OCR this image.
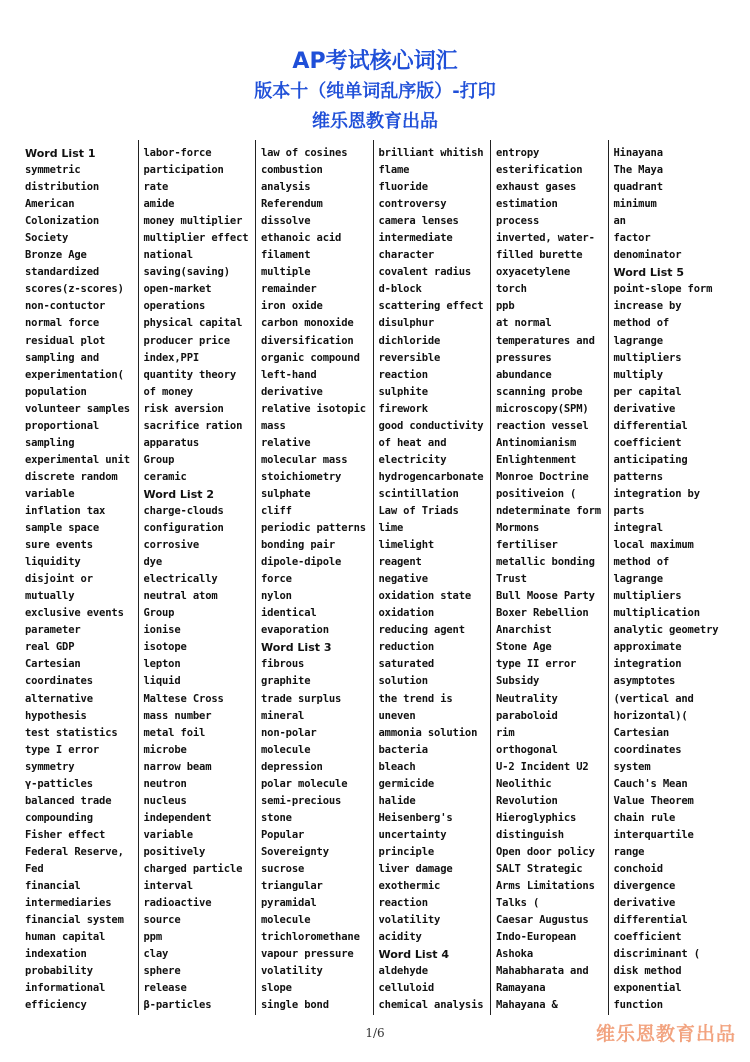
AP考试核心词汇
版本十（纯单词乱序版）-打印
维乐恩教育出品
Word List 1
symmetric
distribution
American
Colonization
Society
Bronze Age
standardized
scores(z-scores)
non-contuctor
normal force
residual plot
sampling and
experimentation(
population
volunteer samples
proportional
sampling
experimental unit
discrete random
variable
inflation tax
sample space
sure events
liquidity
disjoint or
mutually
exclusive events
parameter
real GDP
Cartesian
coordinates
alternative
hypothesis
test statistics
type I error
symmetry
γ-patticles
balanced trade
compounding
Fisher effect
Federal Reserve,
Fed
financial
intermediaries
financial system
human capital
indexation
probability
informational
efficiency
labor-force
participation
rate
amide
money multiplier
multiplier effect
national
saving(saving)
open-market
operations
physical capital
producer price
index,PPI
quantity theory
of money
risk aversion
sacrifice ration
apparatus
Group
ceramic
Word List 2
charge-clouds
configuration
corrosive
dye
electrically
neutral atom
Group
ionise
isotope
lepton
liquid
Maltese Cross
mass number
metal foil
microbe
narrow beam
neutron
nucleus
independent
variable
positively
charged particle
interval
radioactive
source
ppm
clay
sphere
release
β-particles
law of cosines
combustion
analysis
Referendum
dissolve
ethanoic acid
filament
multiple
remainder
iron oxide
carbon monoxide
diversification
organic compound
left-hand
derivative
relative isotopic
mass
relative
molecular mass
stoichiometry
sulphate
cliff
periodic patterns
bonding pair
dipole-dipole
force
nylon
identical
evaporation
Word List 3
fibrous
graphite
trade surplus
mineral
non-polar
molecule
depression
polar molecule
semi-precious
stone
Popular
Sovereignty
sucrose
triangular
pyramidal
molecule
trichloromethane
vapour pressure
volatility
slope
single bond
brilliant whitish
flame
fluoride
controversy
camera lenses
intermediate
character
covalent radius
d-block
scattering effect
disulphur
dichloride
reversible
reaction
sulphite
firework
good conductivity
of heat and
electricity
hydrogencarbonate
scintillation
Law of Triads
lime
limelight
reagent
negative
oxidation state
oxidation
reducing agent
reduction
saturated
solution
the trend is
uneven
ammonia solution
bacteria
bleach
germicide
halide
Heisenberg's
uncertainty
principle
liver damage
exothermic
reaction
volatility
acidity
Word List 4
aldehyde
celluloid
chemical analysis
entropy
esterification
exhaust gases
estimation
process
inverted, water-
filled burette
oxyacetylene
torch
ppb
at normal
temperatures and
pressures
abundance
scanning probe
microscopy(SPM)
reaction vessel
Antinomianism
Enlightenment
Monroe Doctrine
positiveion (
ndeterminate form
Mormons
fertiliser
metallic bonding
Trust
Bull Moose Party
Boxer Rebellion
Anarchist
Stone Age
type II error
Subsidy
Neutrality
paraboloid
rim
orthogonal
U-2 Incident U2
Neolithic
Revolution
Hieroglyphics
distinguish
Open door policy
SALT Strategic
Arms Limitations
Talks (
Caesar Augustus
Indo-European
Ashoka
Mahabharata and
Ramayana
Mahayana &
Hinayana
The Maya
quadrant
minimum
an
factor
denominator
Word List 5
point-slope form
increase by
method of
lagrange
multipliers
multiply
per capital
derivative
differential
coefficient
anticipating
patterns
integration by
parts
integral
local maximum
method of
lagrange
multipliers
multiplication
analytic geometry
approximate
integration
asymptotes
(vertical and
horizontal)(
Cartesian
coordinates
system
Cauch's Mean
Value Theorem
chain rule
interquartile
range
conchoid
divergence
derivative
differential
coefficient
discriminant (
disk method
exponential
function
1/6	维乐恩教育出品
